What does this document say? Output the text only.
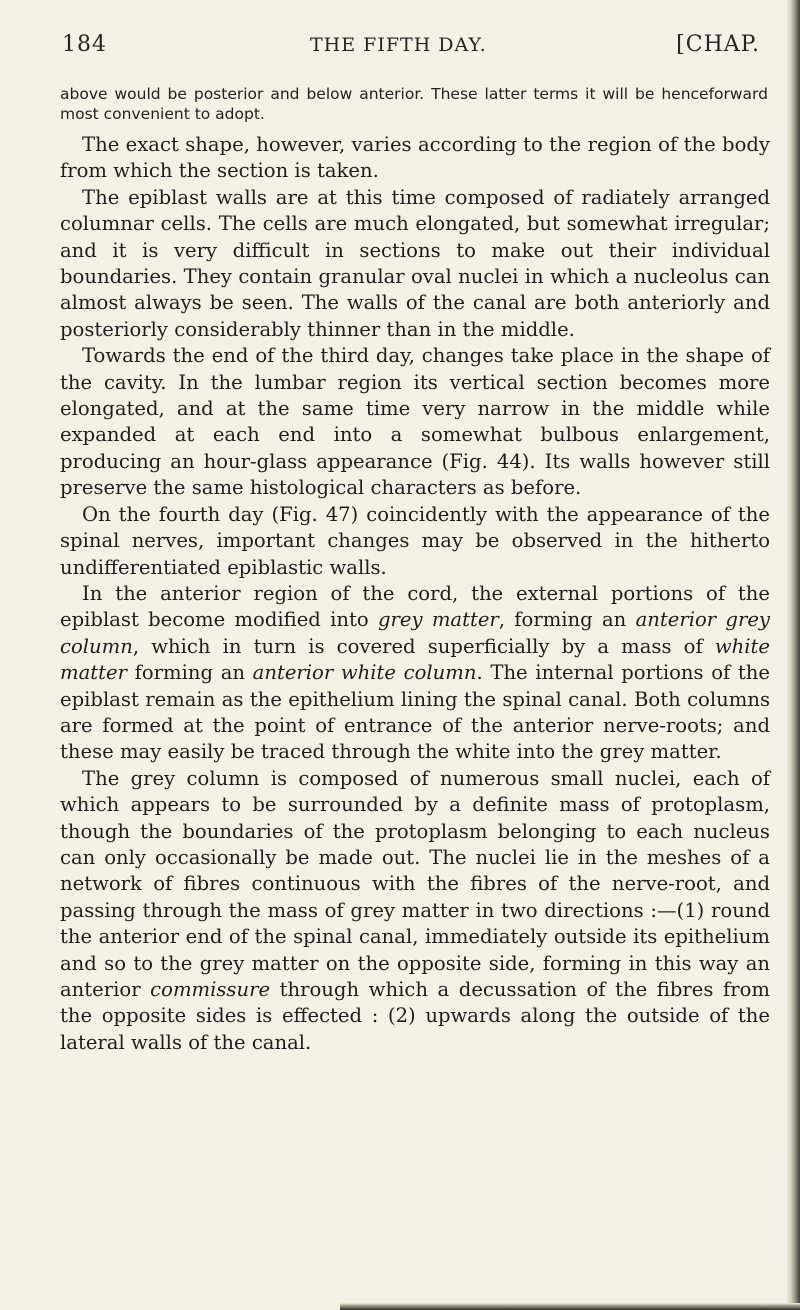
184	THE FIFTH DAY.	[CHAP.
above would be posterior and below anterior. These latter terms it will be henceforward most convenient to adopt.

The exact shape, however, varies according to the region of the body from which the section is taken.

The epiblast walls are at this time composed of radiately arranged columnar cells. The cells are much elongated, but somewhat irregular; and it is very difficult in sections to make out their individual boundaries. They contain granular oval nuclei in which a nucleolus can almost always be seen. The walls of the canal are both anteriorly and posteriorly considerably thinner than in the middle.

Towards the end of the third day, changes take place in the shape of the cavity. In the lumbar region its vertical section becomes more elongated, and at the same time very narrow in the middle while expanded at each end into a somewhat bulbous enlargement, producing an hour-glass appearance (Fig. 44). Its walls however still preserve the same histological characters as before.

On the fourth day (Fig. 47) coincidently with the appearance of the spinal nerves, important changes may be observed in the hitherto undifferentiated epiblastic walls.

In the anterior region of the cord, the external portions of the epiblast become modified into grey matter, forming an anterior grey column, which in turn is covered superficially by a mass of white matter forming an anterior white column. The internal portions of the epiblast remain as the epithelium lining the spinal canal. Both columns are formed at the point of entrance of the anterior nerve-roots; and these may easily be traced through the white into the grey matter.

The grey column is composed of numerous small nuclei, each of which appears to be surrounded by a definite mass of protoplasm, though the boundaries of the protoplasm belonging to each nucleus can only occasionally be made out. The nuclei lie in the meshes of a network of fibres continuous with the fibres of the nerve-root, and passing through the mass of grey matter in two directions :—(1) round the anterior end of the spinal canal, immediately outside its epithelium and so to the grey matter on the opposite side, forming in this way an anterior commissure through which a decussation of the fibres from the opposite sides is effected : (2) upwards along the outside of the lateral walls of the canal.
